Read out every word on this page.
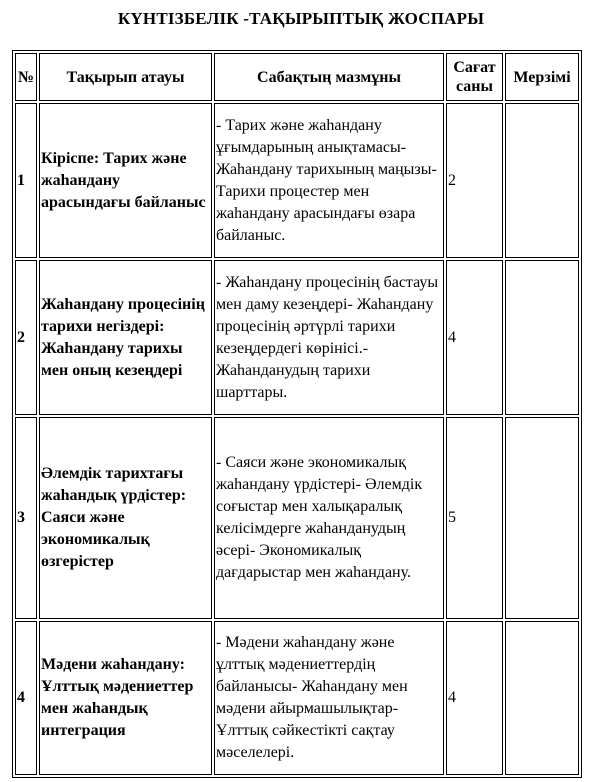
КҮНТІЗБЕЛІК -ТАҚЫРЫПТЫҚ ЖОСПАРЫ
№	Тақырып атауы	Сабақтың мазмұны	Сағат саны	Мерзімі
1	Кіріспе: Тарих және жаһандану арасындағы байланыс	- Тарих және жаһандану ұғымдарының анықтамасы- Жаһандану тарихының маңызы- Тарихи процестер мен жаһандану арасындағы өзара байланыс.	2	
2	Жаһандану процесінің тарихи негіздері: Жаһандану тарихы мен оның кезеңдері	- Жаһандану процесінің бастауы мен даму кезеңдері- Жаһандану процесінің әртүрлі тарихи кезеңдердегі көрінісі.- Жаһанданудың тарихи шарттары.	4	
3	Әлемдік тарихтағы жаһандық үрдістер: Саяси және экономикалық өзгерістер	- Саяси және экономикалық жаһандану үрдістері- Әлемдік соғыстар мен халықаралық келісімдерге жаһанданудың әсері- Экономикалық дағдарыстар мен жаһандану.	5	
4	Мәдени жаһандану: Ұлттық мәдениеттер мен жаһандық интеграция	- Мәдени жаһандану және ұлттық мәдениеттердің байланысы- Жаһандану мен мәдени айырмашылықтар- Ұлттық сәйкестікті сақтау мәселелері.	4	
